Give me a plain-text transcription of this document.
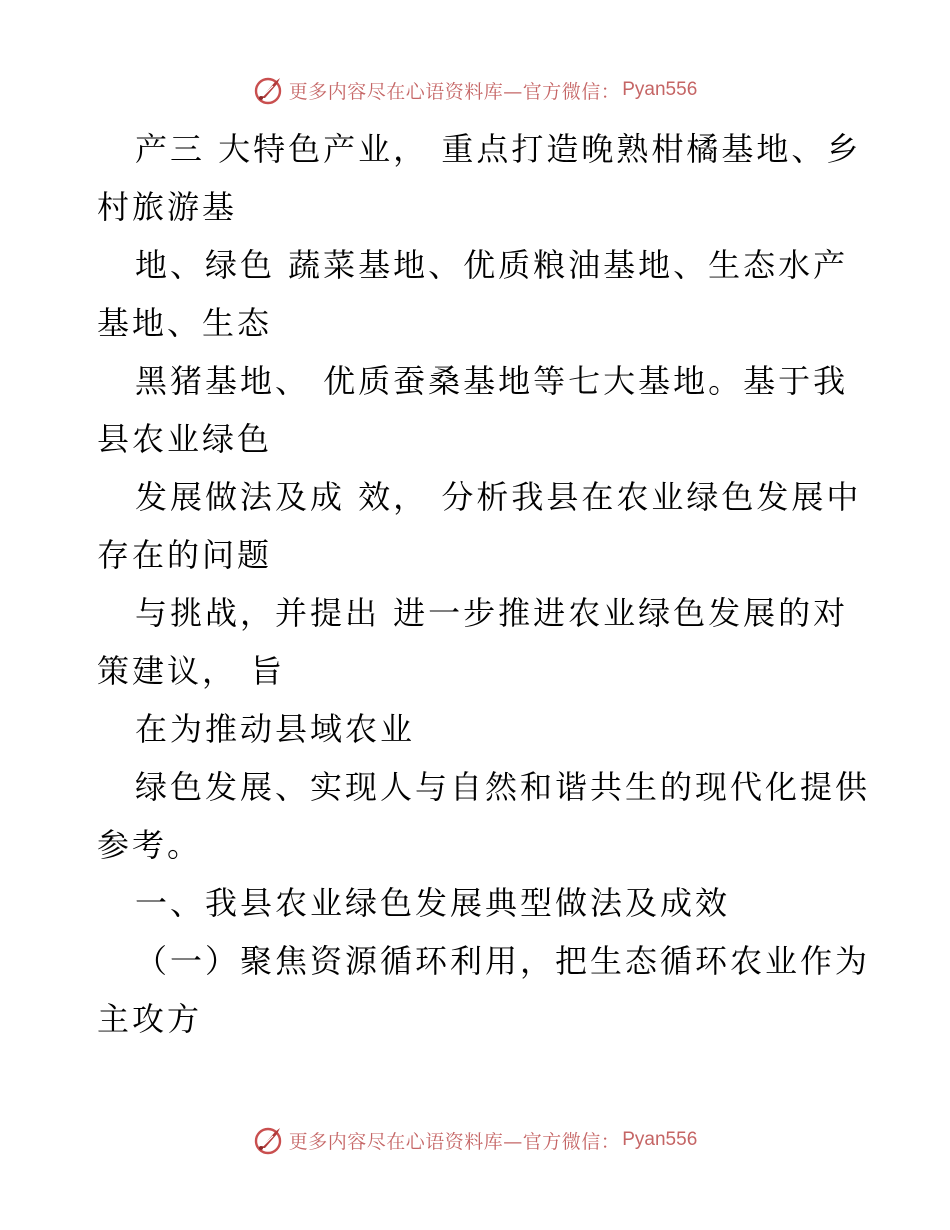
更多内容尽在心语资料库—官方微信： Pyan556
产三 大特色产业， 重点打造晚熟柑橘基地、乡
村旅游基
地、绿色 蔬菜基地、优质粮油基地、生态水产
基地、生态
黑猪基地、 优质蚕桑基地等七大基地。基于我
县农业绿色
发展做法及成 效， 分析我县在农业绿色发展中
存在的问题
与挑战，并提出 进一步推进农业绿色发展的对
策建议， 旨
在为推动县域农业
绿色发展、实现人与自然和谐共生的现代化提供
参考。
一、我县农业绿色发展典型做法及成效
（一）聚焦资源循环利用，把生态循环农业作为
主攻方
更多内容尽在心语资料库—官方微信： Pyan556
